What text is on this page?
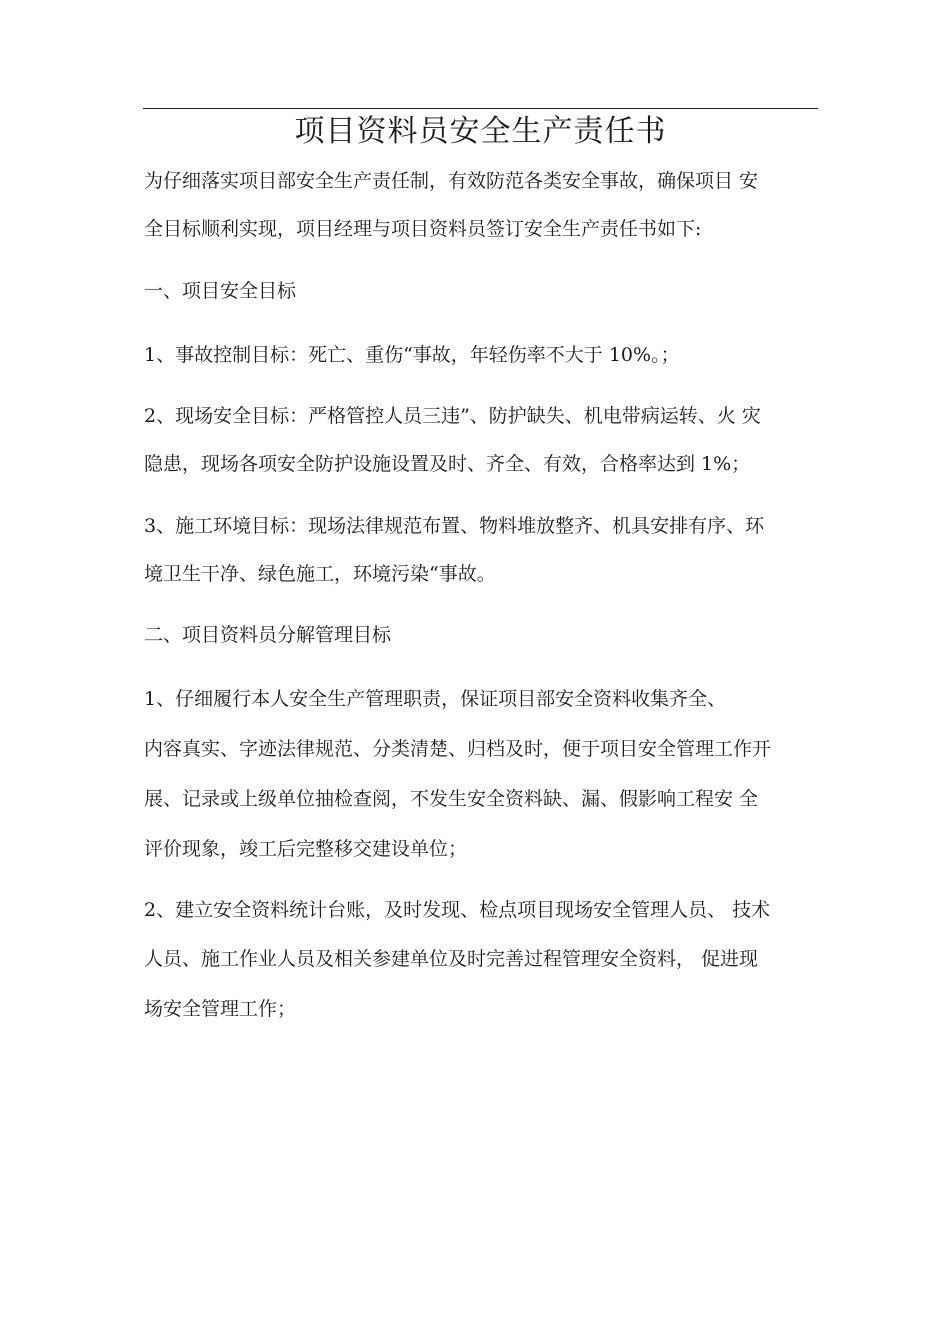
项目资料员安全生产责任书
为仔细落实项目部安全生产责任制，有效防范各类安全事故，确保项目 安
全目标顺利实现，项目经理与项目资料员签订安全生产责任书如下:
一、项目安全目标
1、事故控制目标：死亡、重伤“事故，年轻伤率不大于 10%。；
2、现场安全目标：严格管控人员三违”、防护缺失、机电带病运转、火 灾
隐患，现场各项安全防护设施设置及时、齐全、有效，合格率达到 1%；
3、施工环境目标：现场法律规范布置、物料堆放整齐、机具安排有序、环
境卫生干净、绿色施工，环境污染“事故。
二、项目资料员分解管理目标
1、仔细履行本人安全生产管理职责，保证项目部安全资料收集齐全、
内容真实、字迹法律规范、分类清楚、归档及时，便于项目安全管理工作开
展、记录或上级单位抽检查阅，不发生安全资料缺、漏、假影响工程安 全
评价现象，竣工后完整移交建设单位；
2、建立安全资料统计台账，及时发现、检点项目现场安全管理人员、 技术
人员、施工作业人员及相关参建单位及时完善过程管理安全资料， 促进现
场安全管理工作；
